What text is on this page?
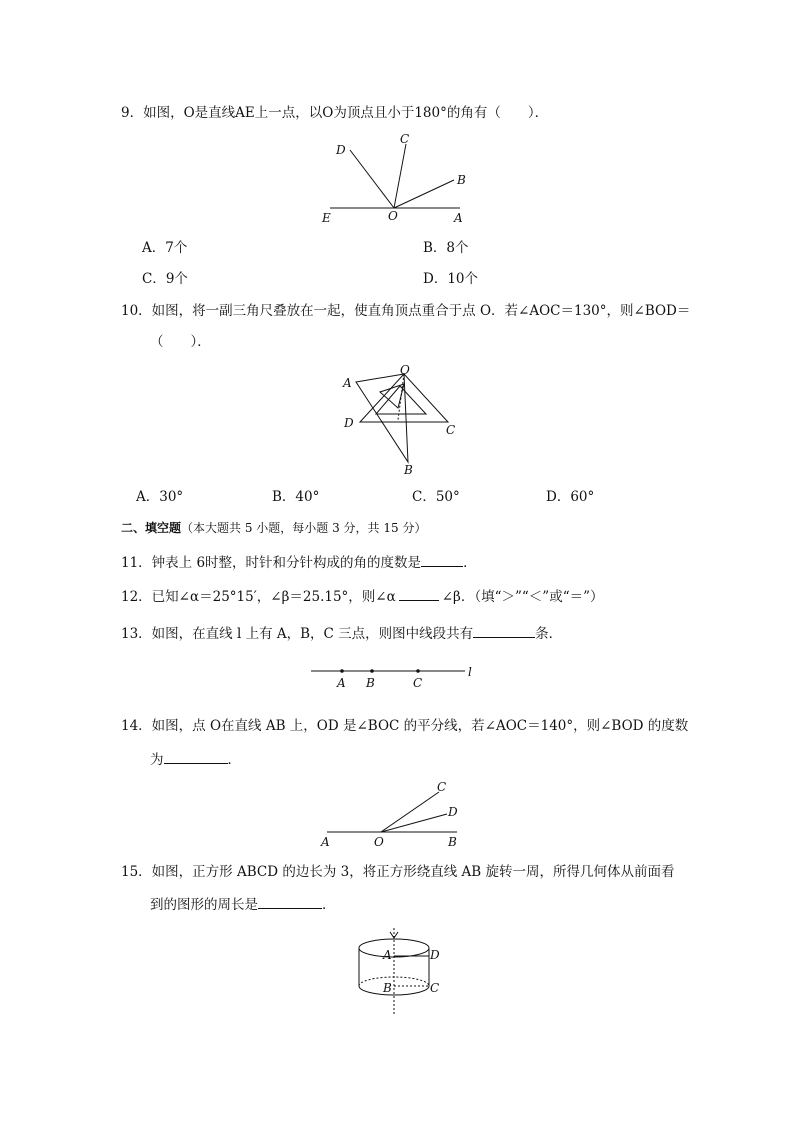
9．如图，O是直线AE上一点，以O为顶点且小于180°的角有（　　）．
D
C
B
E	O	A
A．7个	B．8个
C．9个	D．10个
10．如图，将一副三角尺叠放在一起，使直角顶点重合于点 O．若∠AOC＝130°，则∠BOD＝
（　　）．
O
A
D	C
B
A．30°	B．40°	C．50°	D．60°
二、填空题（本大题共 5 小题，每小题 3 分，共 15 分）
11．钟表上 6时整，时针和分针构成的角的度数是	．
12．已知∠α＝25°15′，∠β＝25.15°，则∠α	∠β．（填“＞”“＜”或“＝”）
13．如图，在直线 l 上有 A，B，C 三点，则图中线段共有	条．
A B	C
l
14．如图，点 O在直线 AB 上，OD 是∠BOC 的平分线，若∠AOC＝140°，则∠BOD 的度数
为	．
C
D
A	O	B
15．如图，正方形 ABCD 的边长为 3，将正方形绕直线 AB 旋转一周，所得几何体从前面看
到的图形的周长是	．
A	D
B	C
